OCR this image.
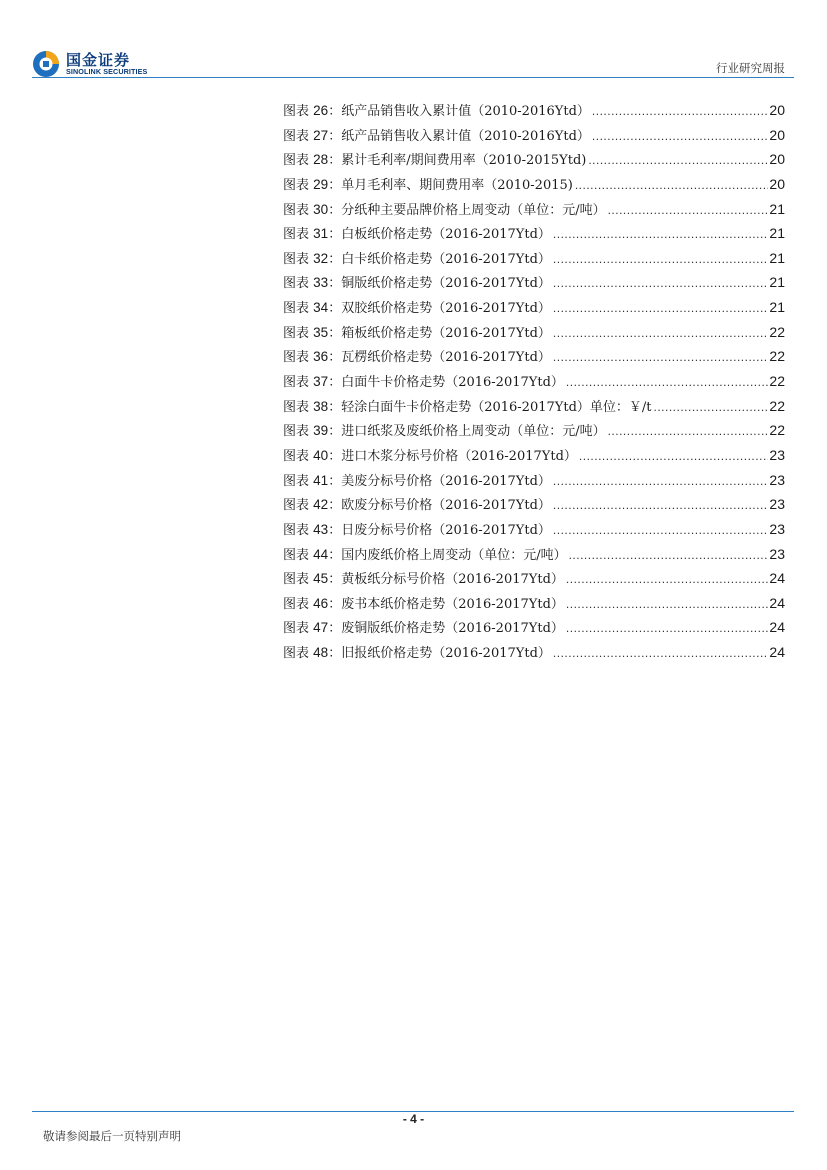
国金证券
SINOLINK SECURITIES	行业研究周报
图表 26： 纸产品销售收入累计值（2010-2016Ytd） .....	20
图表 27： 纸产品销售收入累计值（2010-2016Ytd） .....	20
图表 28： 累计毛利率/期间费用率（2010-2015Ytd) .....	20
图表 29： 单月毛利率、期间费用率（2010-2015) .....	20
图表 30： 分纸种主要品牌价格上周变动（单位：元/吨） .....	21
图表 31： 白板纸价格走势（2016-2017Ytd） .....	21
图表 32： 白卡纸价格走势（2016-2017Ytd） .....	21
图表 33： 铜版纸价格走势（2016-2017Ytd） .....	21
图表 34： 双胶纸价格走势（2016-2017Ytd） .....	21
图表 35： 箱板纸价格走势（2016-2017Ytd） .....	22
图表 36： 瓦楞纸价格走势（2016-2017Ytd） .....	22
图表 37： 白面牛卡价格走势（2016-2017Ytd） .....	22
图表 38： 轻涂白面牛卡价格走势（2016-2017Ytd）单位：￥/t .....	22
图表 39： 进口纸浆及废纸价格上周变动（单位：元/吨） .....	22
图表 40： 进口木浆分标号价格（2016-2017Ytd） .....	23
图表 41： 美废分标号价格（2016-2017Ytd） .....	23
图表 42： 欧废分标号价格（2016-2017Ytd） .....	23
图表 43： 日废分标号价格（2016-2017Ytd） .....	23
图表 44： 国内废纸价格上周变动（单位：元/吨） .....	23
图表 45： 黄板纸分标号价格（2016-2017Ytd） .....	24
图表 46： 废书本纸价格走势（2016-2017Ytd） .....	24
图表 47： 废铜版纸价格走势（2016-2017Ytd） .....	24
图表 48： 旧报纸价格走势（2016-2017Ytd） .....	24
- 4 -
敬请参阅最后一页特别声明
